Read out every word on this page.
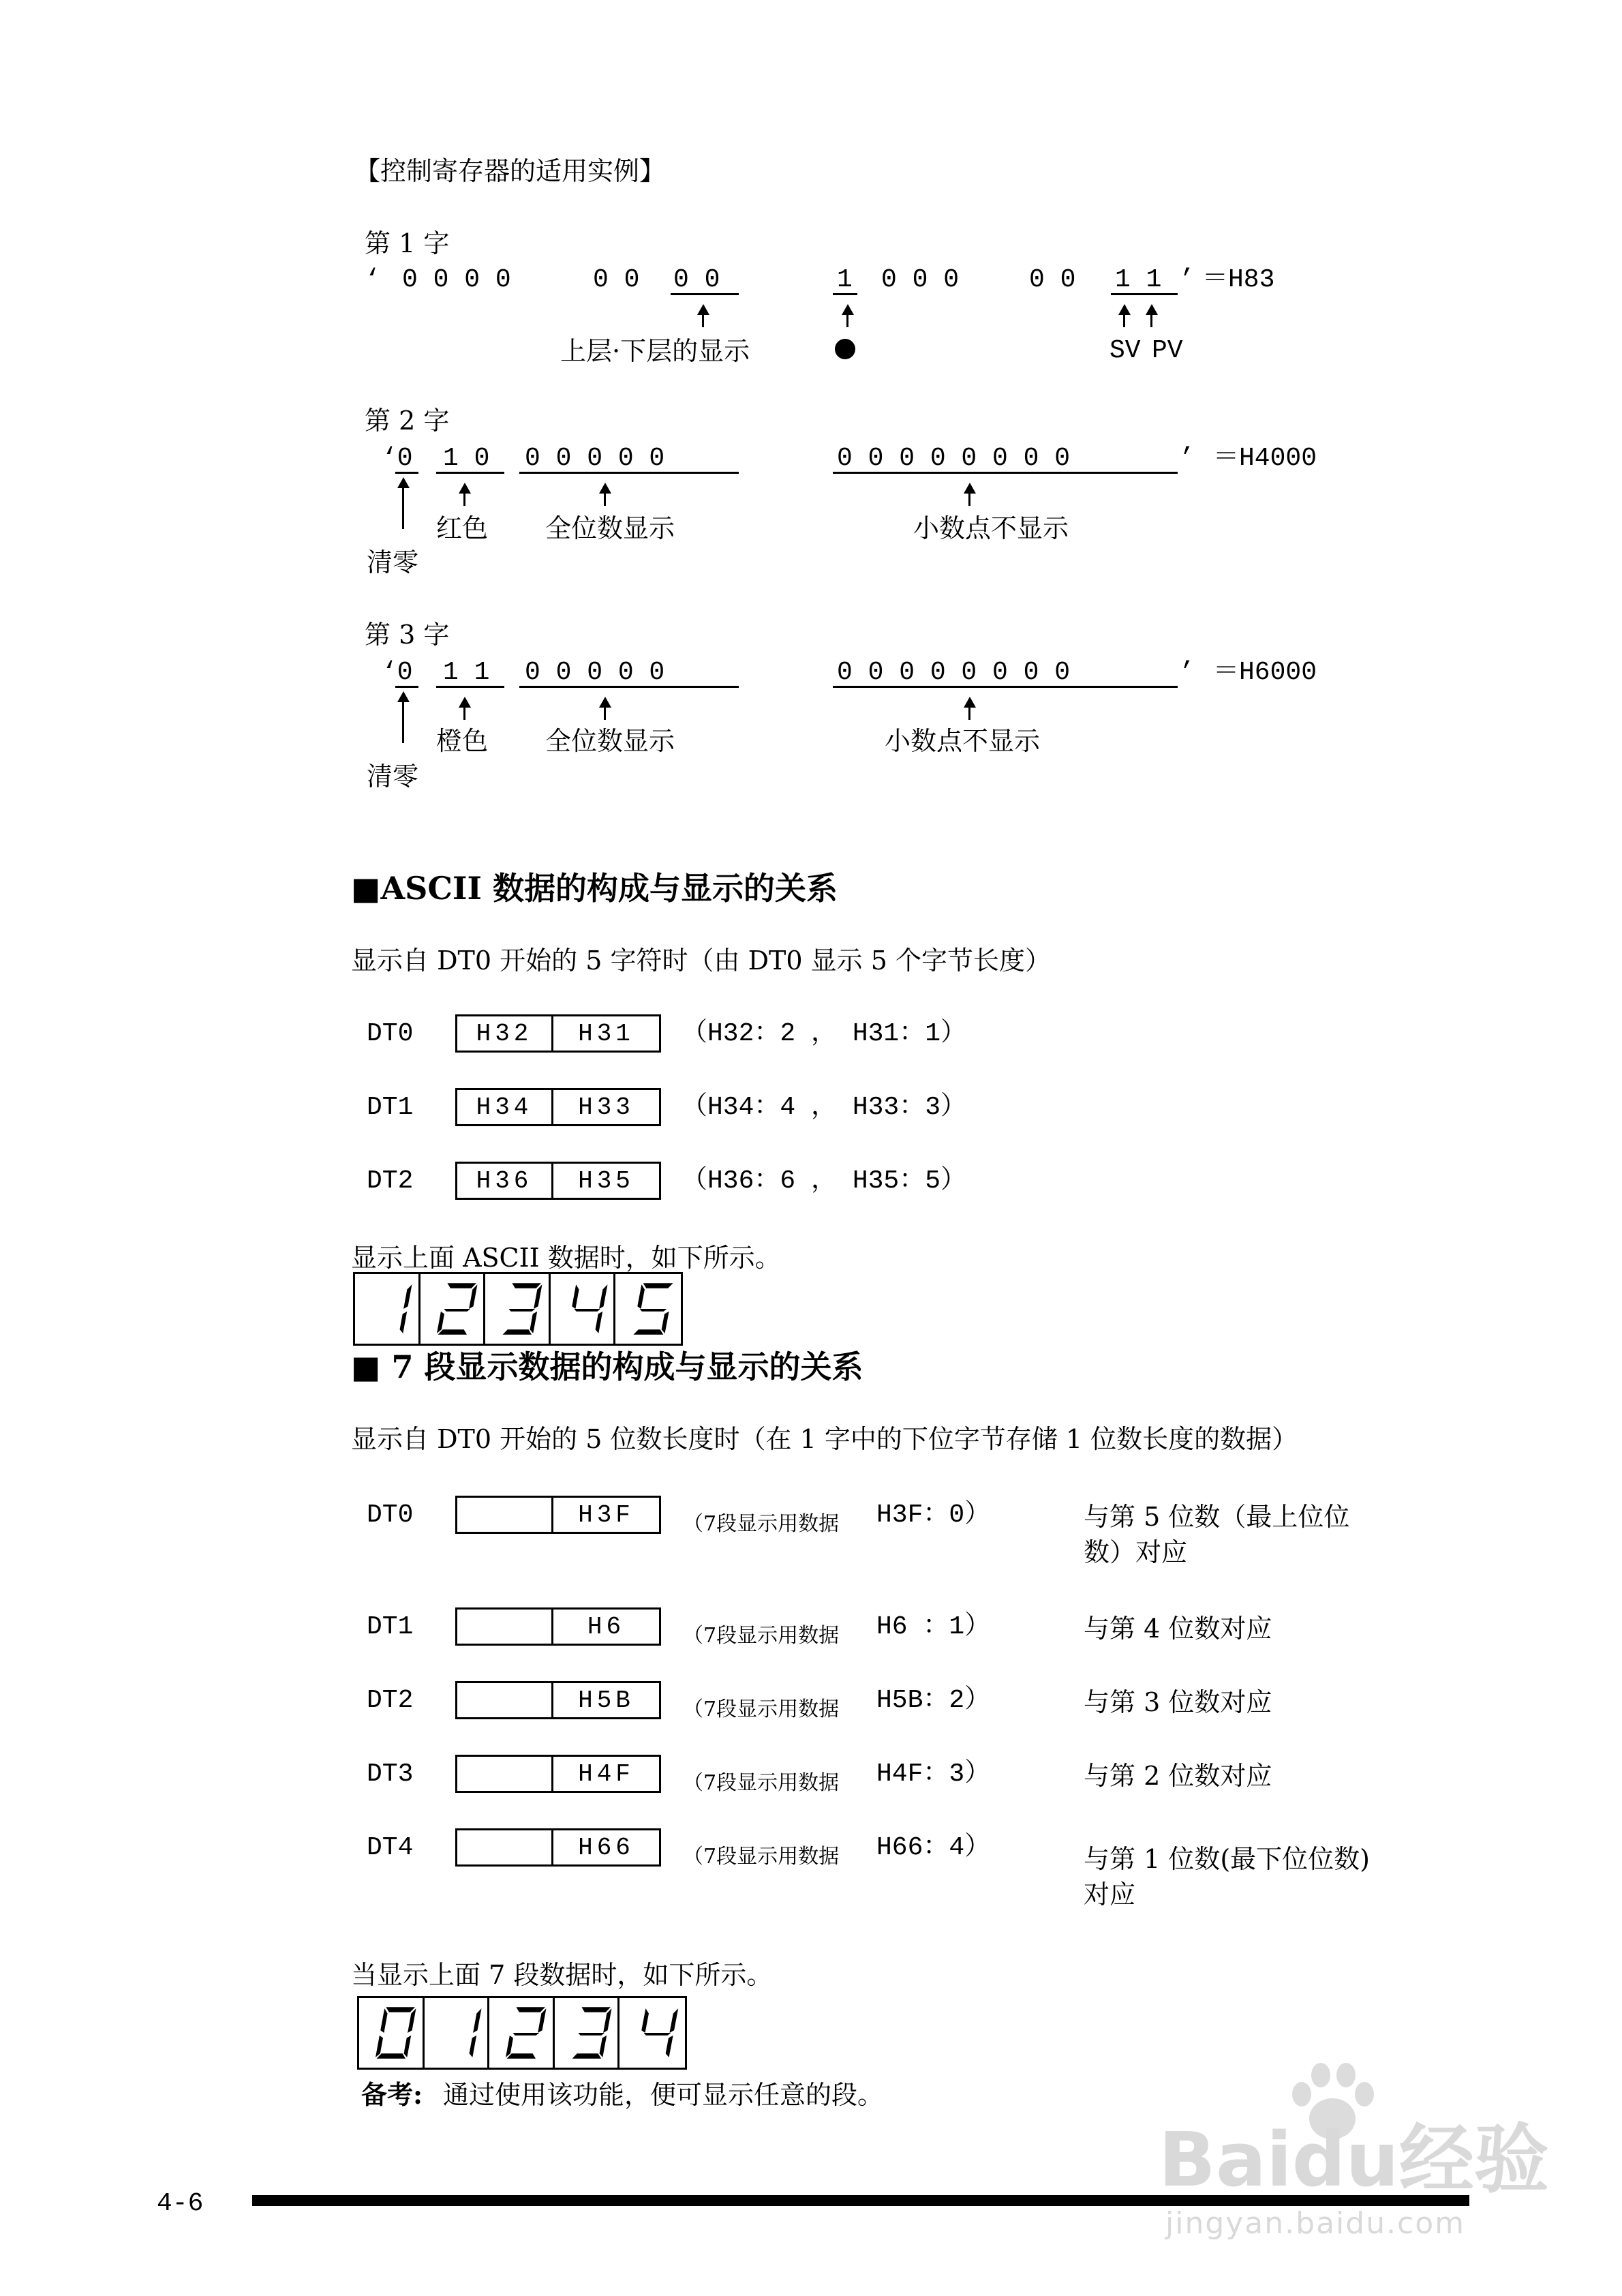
【控制寄存器的适用实例】
第 1 字
‘ 0 0 0 0	0 0 0 0	1 0 0 0	0 0 1 1 ’ ＝H83
上层·下层的显示	SV PV
第 2 字
‘0 1 0 0 0 0 0 0	0 0 0 0 0 0 0 0	’ ＝H4000
红色 全位数显示	小数点不显示
清零
第 3 字
‘0 1 1 0 0 0 0 0	0 0 0 0 0 0 0 0	’ ＝H6000
橙色 全位数显示	小数点不显示
清零
■ASCII 数据的构成与显示的关系
显示自 DT0 开始的 5 字符时（由 DT0 显示 5 个字节长度）
DT0	H32	H31	（H32：2 ， H31：1）
DT1	H34	H33	（H34：4 ， H33：3）
DT2	H36	H35	（H36：6 ， H35：5）
显示上面 ASCII 数据时，如下所示。
■ 7 段显示数据的构成与显示的关系
显示自 DT0 开始的 5 位数长度时（在 1 字中的下位字节存储 1 位数长度的数据）
DT0	H3F	（7段显示用数据 H3F：0）	与第 5 位数（最上位位
数）对应
DT1	H6	（7段显示用数据 H6 ：1）	与第 4 位数对应
DT2	H5B	（7段显示用数据 H5B：2）	与第 3 位数对应
DT3	H4F	（7段显示用数据 H4F：3）	与第 2 位数对应
DT4	H66	（7段显示用数据 H66：4）	与第 1 位数(最下位位数)
对应
当显示上面 7 段数据时，如下所示。
备考: 通过使用该功能，便可显示任意的段。
4-6
Baidu经验
jingyan.baidu.com
